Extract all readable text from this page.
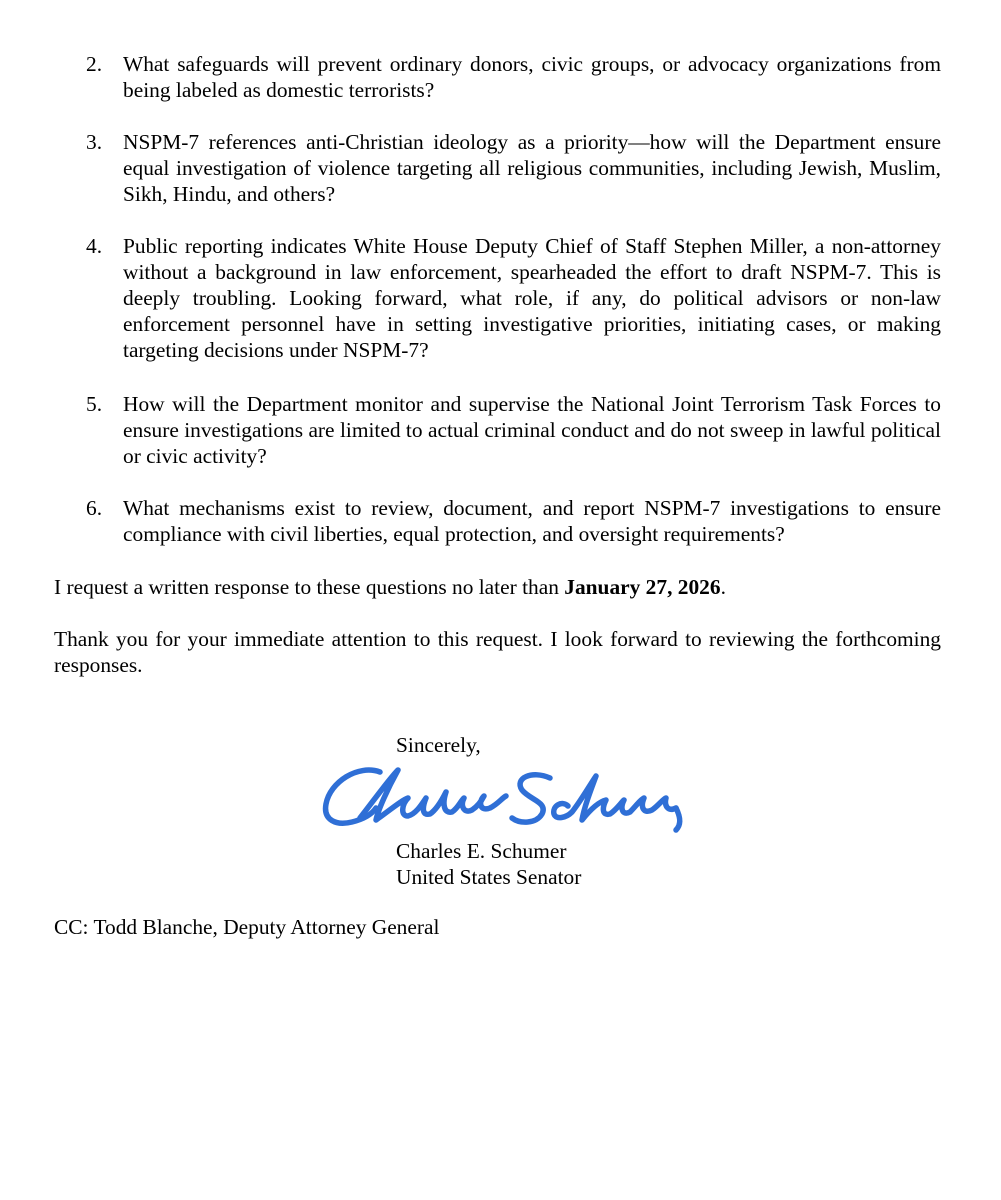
2. What safeguards will prevent ordinary donors, civic groups, or advocacy organizations from being labeled as domestic terrorists?
3. NSPM-7 references anti-Christian ideology as a priority—how will the Department ensure equal investigation of violence targeting all religious communities, including Jewish, Muslim, Sikh, Hindu, and others?
4. Public reporting indicates White House Deputy Chief of Staff Stephen Miller, a non-attorney without a background in law enforcement, spearheaded the effort to draft NSPM-7. This is deeply troubling. Looking forward, what role, if any, do political advisors or non-law enforcement personnel have in setting investigative priorities, initiating cases, or making targeting decisions under NSPM-7?
5. How will the Department monitor and supervise the National Joint Terrorism Task Forces to ensure investigations are limited to actual criminal conduct and do not sweep in lawful political or civic activity?
6. What mechanisms exist to review, document, and report NSPM-7 investigations to ensure compliance with civil liberties, equal protection, and oversight requirements?
I request a written response to these questions no later than January 27, 2026.
Thank you for your immediate attention to this request. I look forward to reviewing the forthcoming responses.
Sincerely,
Charles E. Schumer
United States Senator
CC: Todd Blanche, Deputy Attorney General
